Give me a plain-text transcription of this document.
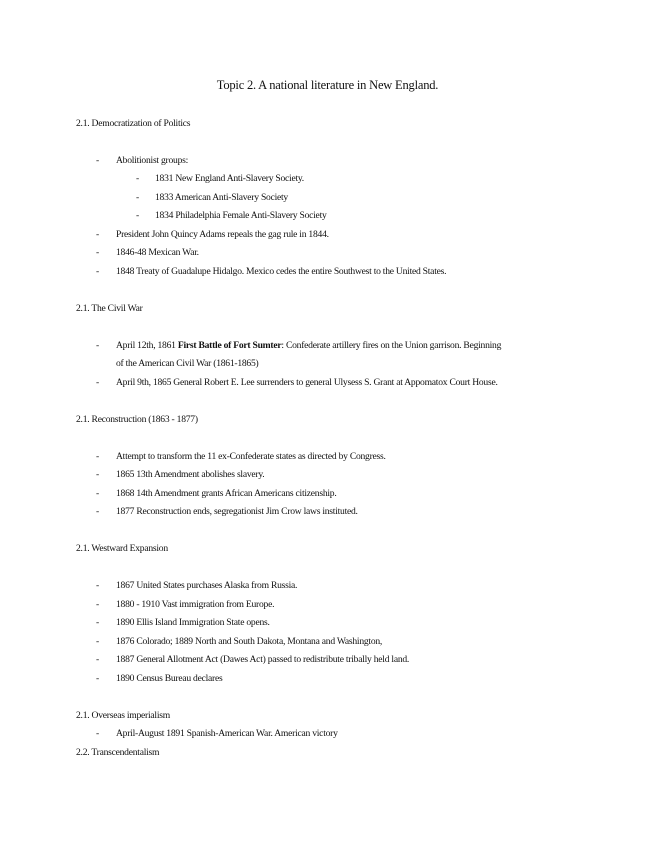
Topic 2. A national literature in New England.
2.1. Democratization of Politics
- Abolitionist groups:
- 1831 New England Anti-Slavery Society.
- 1833 American Anti-Slavery Society
- 1834 Philadelphia Female Anti-Slavery Society
- President John Quincy Adams repeals the gag rule in 1844.
- 1846-48 Mexican War.
- 1848 Treaty of Guadalupe Hidalgo. Mexico cedes the entire Southwest to the United States.
2.1. The Civil War
- April 12th, 1861 First Battle of Fort Sumter: Confederate artillery fires on the Union garrison. Beginning
of the American Civil War (1861-1865)
- April 9th, 1865 General Robert E. Lee surrenders to general Ulysess S. Grant at Appomatox Court House.
2.1. Reconstruction (1863 - 1877)
- Attempt to transform the 11 ex-Confederate states as directed by Congress.
- 1865 13th Amendment abolishes slavery.
- 1868 14th Amendment grants African Americans citizenship.
- 1877 Reconstruction ends, segregationist Jim Crow laws instituted.
2.1. Westward Expansion
- 1867 United States purchases Alaska from Russia.
- 1880 - 1910 Vast immigration from Europe.
- 1890 Ellis Island Immigration State opens.
- 1876 Colorado; 1889 North and South Dakota, Montana and Washington,
- 1887 General Allotment Act (Dawes Act) passed to redistribute tribally held land.
- 1890 Census Bureau declares
2.1. Overseas imperialism
- April-August 1891 Spanish-American War. American victory
2.2. Transcendentalism
